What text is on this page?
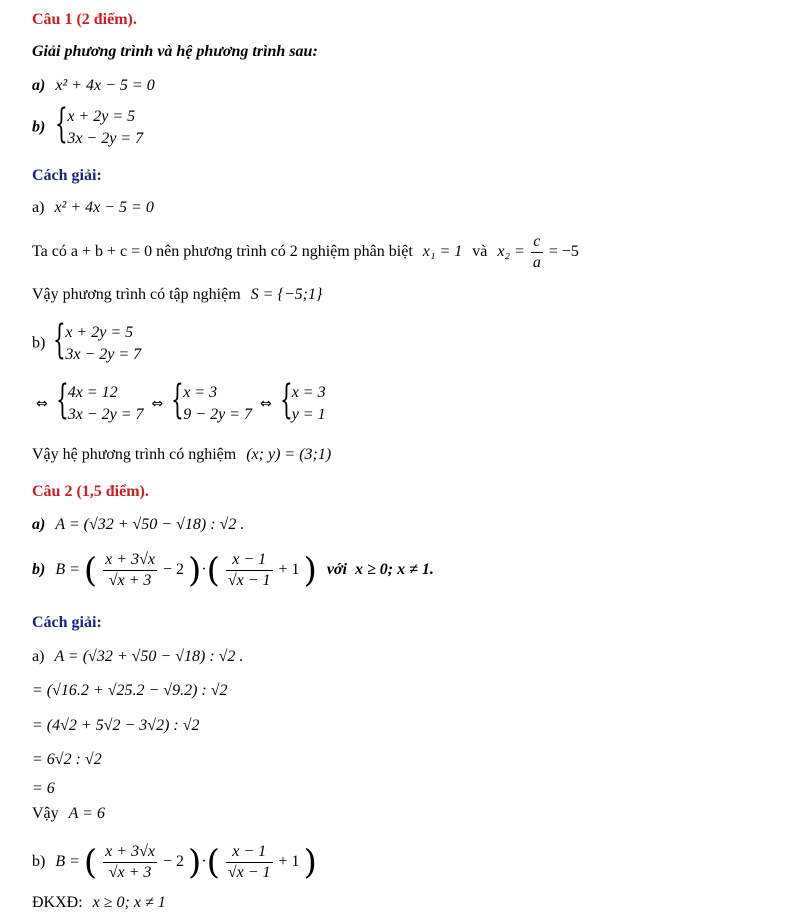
Câu 1 (2 điểm).
Giải phương trình và hệ phương trình sau:
a) x² + 4x − 5 = 0
b) { x + 2y = 5
3x − 2y = 7
Cách giải:
a) x² + 4x − 5 = 0
Ta có a + b + c = 0 nên phương trình có 2 nghiệm phân biệt x₁ = 1 và $x_2 = \frac{c}{a} = -5$
Vậy phương trình có tập nghiệm S = {−5;1}
b) { x + 2y = 5
3x − 2y = 7
⇔ { 4x = 12
3x − 2y = 7
⇔ { x = 3
9 − 2y = 7
⇔ { x = 3
y = 1
Vậy hệ phương trình có nghiệm (x; y) = (3;1)
Câu 2 (1,5 điểm).
a) A = (√32 + √50 − √18) : √2 .
b) B = ( $\frac{x + 3√x}{√x + 3} - 2$ )·( $\frac{x - 1}{√x - 1} + 1$ ) với x ≥ 0; x ≠ 1.
Cách giải:
a) A = (√32 + √50 − √18) : √2 .
= (√16.2 + √25.2 − √9.2) : √2
= (4√2 + 5√2 − 3√2) : √2
= 6√2 : √2
= 6
Vậy A = 6
b) B = ( $\frac{x + 3√x}{√x + 3} - 2$ )·( $\frac{x - 1}{√x - 1} + 1$ )
ĐKXĐ: x ≥ 0; x ≠ 1
